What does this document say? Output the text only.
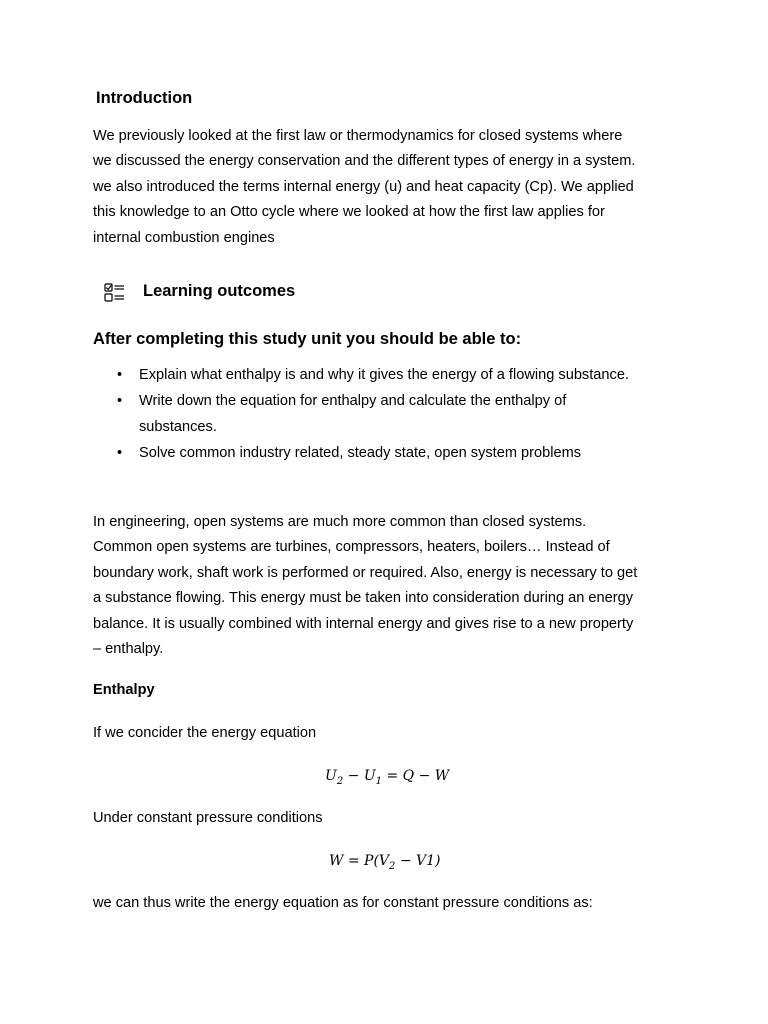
Introduction
We previously looked at the first law or thermodynamics for closed systems where
we discussed the energy conservation and the different types of energy in a system.
we also introduced the terms internal energy (u) and heat capacity (Cp). We applied
this knowledge to an Otto cycle where we looked at how the first law applies for
internal combustion engines
Learning outcomes
After completing this study unit you should be able to:
• Explain what enthalpy is and why it gives the energy of a flowing substance.
• Write down the equation for enthalpy and calculate the enthalpy of
substances.
• Solve common industry related, steady state, open system problems
In engineering, open systems are much more common than closed systems.
Common open systems are turbines, compressors, heaters, boilers… Instead of
boundary work, shaft work is performed or required. Also, energy is necessary to get
a substance flowing. This energy must be taken into consideration during an energy
balance. It is usually combined with internal energy and gives rise to a new property
– enthalpy.
Enthalpy
If we concider the energy equation
$U_2 - U_1 = Q - W$
Under constant pressure conditions
$W = P(V_2 - V1)$
we can thus write the energy equation as for constant pressure conditions as:
